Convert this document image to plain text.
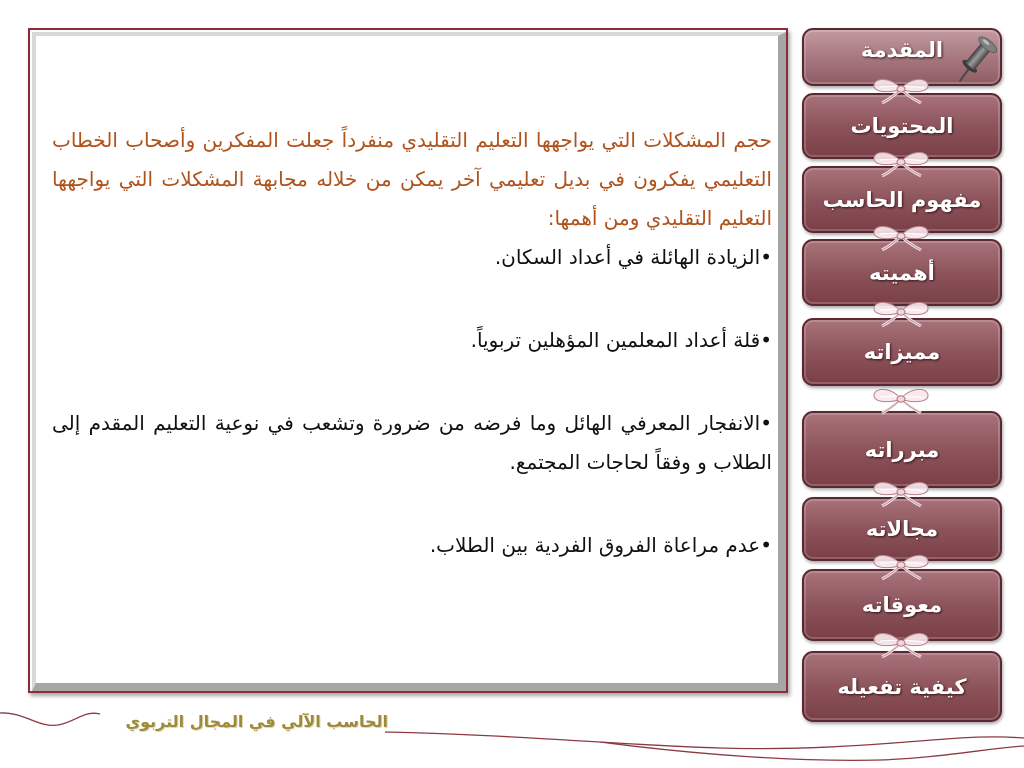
حجم المشكلات التي يواجهها التعليم التقليدي منفرداً جعلت المفكرين وأصحاب الخطاب التعليمي يفكرون في بديل تعليمي آخر يمكن من خلاله مجابهة المشكلات التي يواجهها التعليم التقليدي ومن أهمها:

•الزيادة الهائلة في أعداد السكان.

•قلة أعداد المعلمين المؤهلين تربوياً.

•الانفجار المعرفي الهائل وما فرضه من ضرورة وتشعب في نوعية التعليم المقدم إلى الطلاب و وفقاً لحاجات المجتمع.

•عدم مراعاة الفروق الفردية بين الطلاب.

المقدمة
المحتويات
مفهوم الحاسب
أهميته
مميزاته
مبرراته
مجالاته
معوقاته
كيفية تفعيله
الحاسب الآلي في المجال التربوي
